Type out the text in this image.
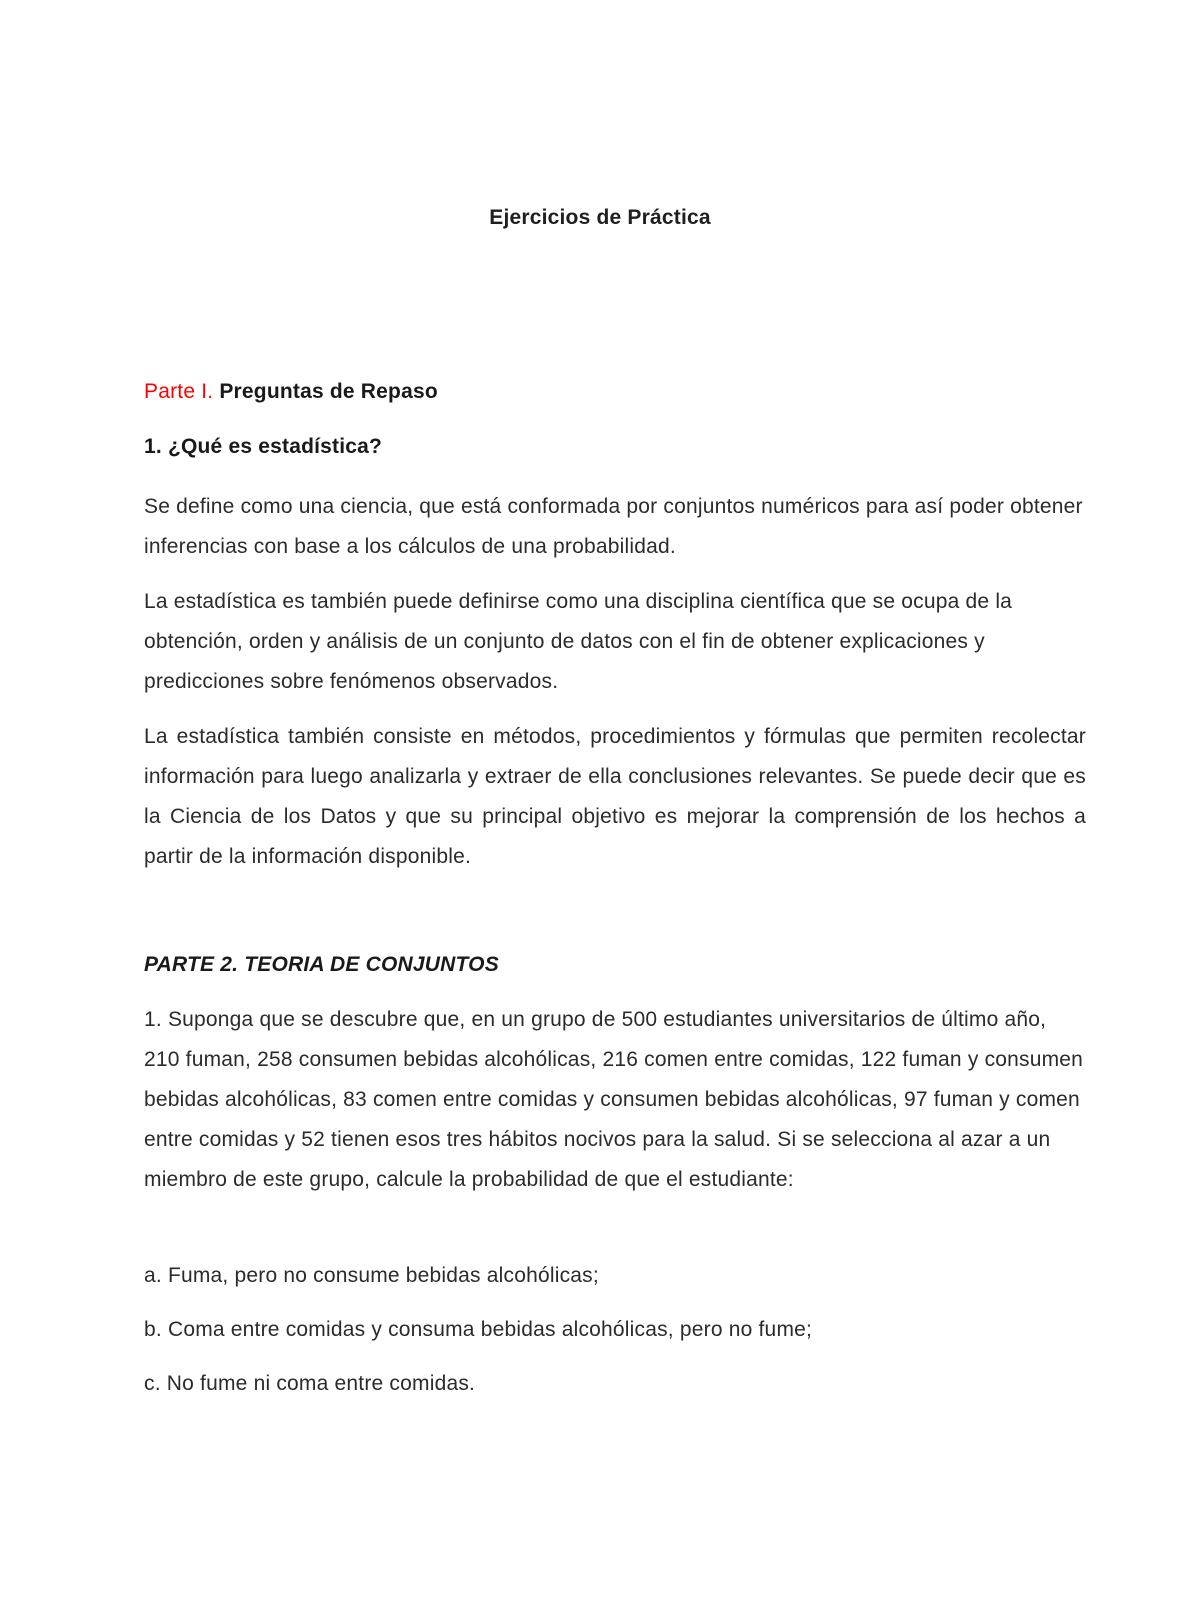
Ejercicios de Práctica
Parte I. Preguntas de Repaso
1. ¿Qué es estadística?
Se define como una ciencia, que está conformada por conjuntos numéricos para así poder obtener inferencias con base a los cálculos de una probabilidad.
La estadística es también puede definirse como una disciplina científica que se ocupa de la obtención, orden y análisis de un conjunto de datos con el fin de obtener explicaciones y predicciones sobre fenómenos observados.
La estadística también consiste en métodos, procedimientos y fórmulas que permiten recolectar información para luego analizarla y extraer de ella conclusiones relevantes. Se puede decir que es la Ciencia de los Datos y que su principal objetivo es mejorar la comprensión de los hechos a partir de la información disponible.
PARTE 2. TEORIA DE CONJUNTOS
1. Suponga que se descubre que, en un grupo de 500 estudiantes universitarios de último año, 210 fuman, 258 consumen bebidas alcohólicas, 216 comen entre comidas, 122 fuman y consumen bebidas alcohólicas, 83 comen entre comidas y consumen bebidas alcohólicas, 97 fuman y comen entre comidas y 52 tienen esos tres hábitos nocivos para la salud. Si se selecciona al azar a un miembro de este grupo, calcule la probabilidad de que el estudiante:
a. Fuma, pero no consume bebidas alcohólicas;
b. Coma entre comidas y consuma bebidas alcohólicas, pero no fume;
c. No fume ni coma entre comidas.
